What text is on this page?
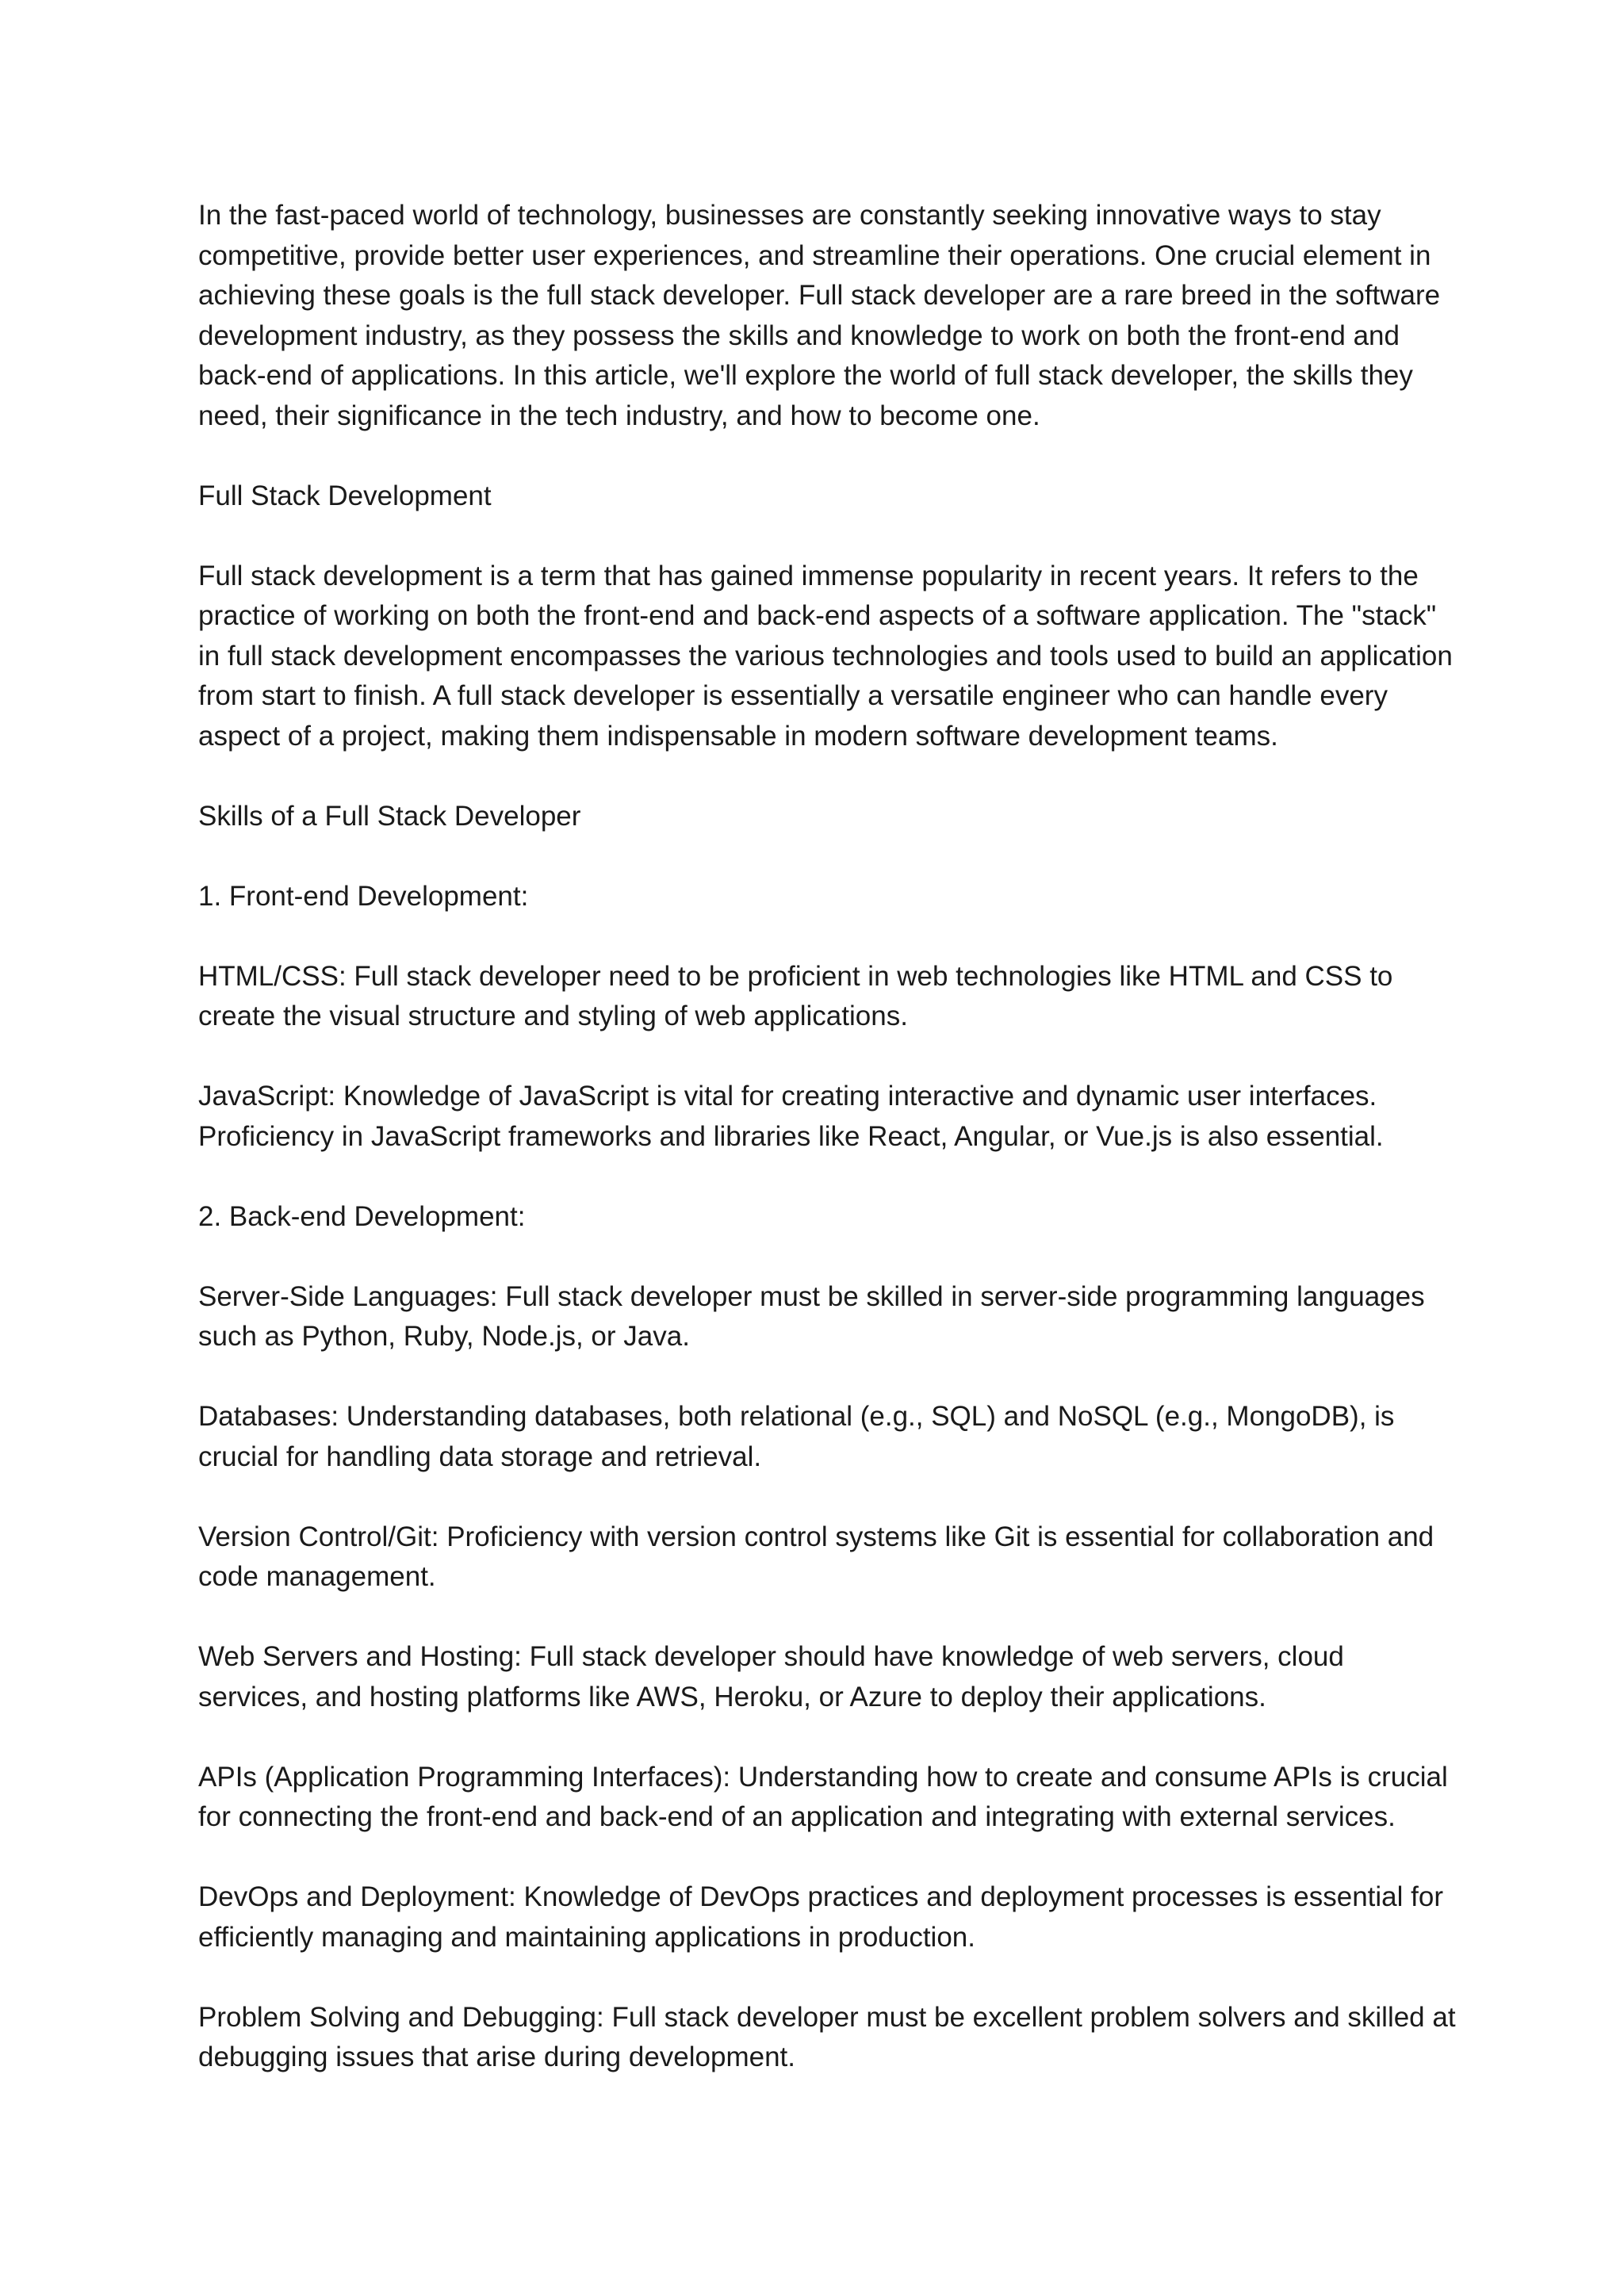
In the fast-paced world of technology, businesses are constantly seeking innovative ways to stay competitive, provide better user experiences, and streamline their operations. One crucial element in achieving these goals is the full stack developer. Full stack developer are a rare breed in the software development industry, as they possess the skills and knowledge to work on both the front-end and back-end of applications. In this article, we'll explore the world of full stack developer, the skills they need, their significance in the tech industry, and how to become one.

Full Stack Development

Full stack development is a term that has gained immense popularity in recent years. It refers to the practice of working on both the front-end and back-end aspects of a software application. The "stack" in full stack development encompasses the various technologies and tools used to build an application from start to finish. A full stack developer is essentially a versatile engineer who can handle every aspect of a project, making them indispensable in modern software development teams.

Skills of a Full Stack Developer

1. Front-end Development:

HTML/CSS: Full stack developer need to be proficient in web technologies like HTML and CSS to create the visual structure and styling of web applications.

JavaScript: Knowledge of JavaScript is vital for creating interactive and dynamic user interfaces. Proficiency in JavaScript frameworks and libraries like React, Angular, or Vue.js is also essential.

2. Back-end Development:

Server-Side Languages: Full stack developer must be skilled in server-side programming languages such as Python, Ruby, Node.js, or Java.

Databases: Understanding databases, both relational (e.g., SQL) and NoSQL (e.g., MongoDB), is crucial for handling data storage and retrieval.

Version Control/Git: Proficiency with version control systems like Git is essential for collaboration and code management.

Web Servers and Hosting: Full stack developer should have knowledge of web servers, cloud services, and hosting platforms like AWS, Heroku, or Azure to deploy their applications.

APIs (Application Programming Interfaces): Understanding how to create and consume APIs is crucial for connecting the front-end and back-end of an application and integrating with external services.

DevOps and Deployment: Knowledge of DevOps practices and deployment processes is essential for efficiently managing and maintaining applications in production.

Problem Solving and Debugging: Full stack developer must be excellent problem solvers and skilled at debugging issues that arise during development.
